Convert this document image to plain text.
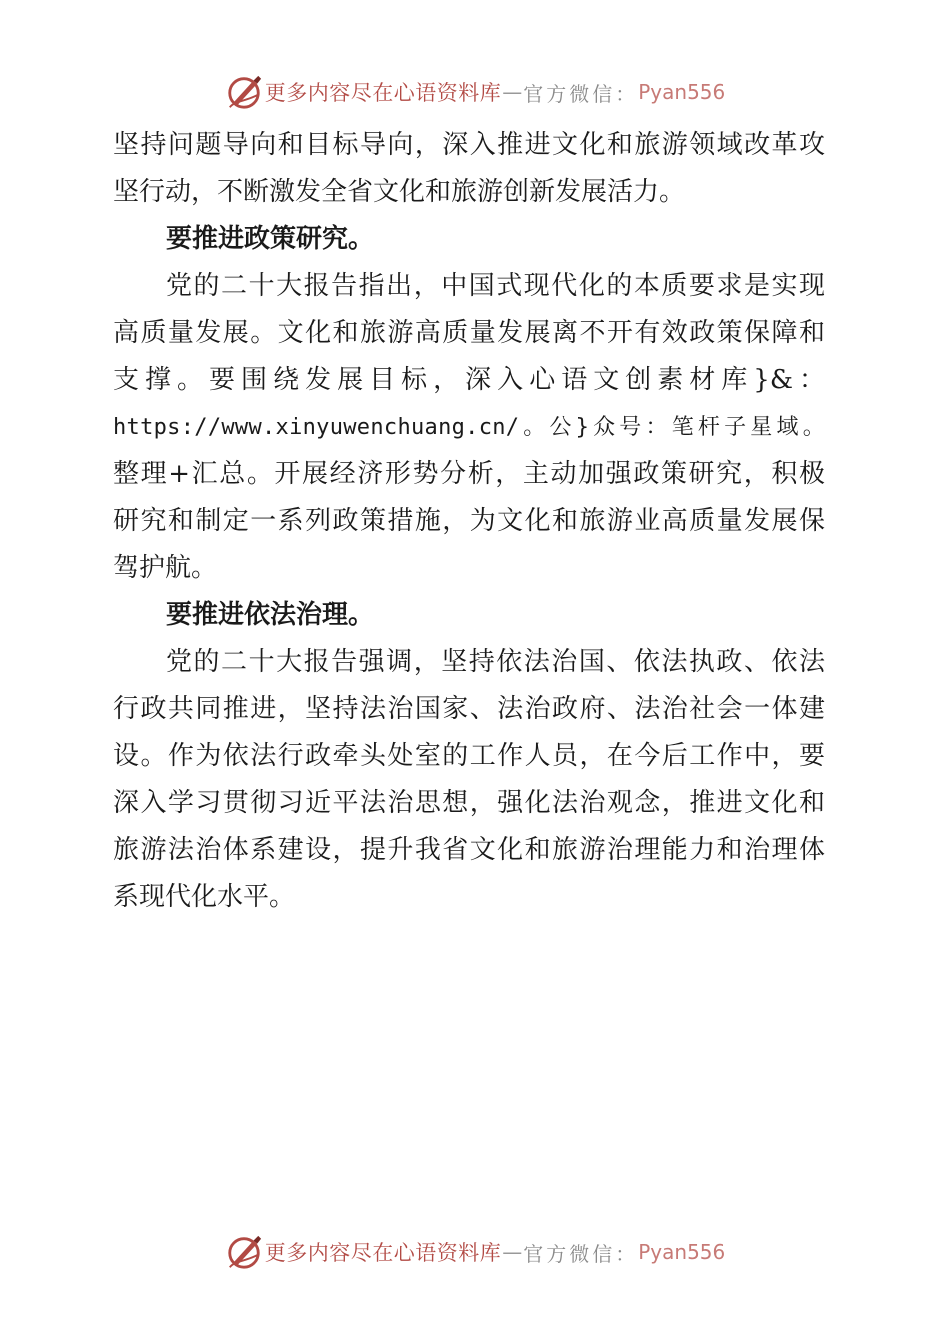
更多内容尽在心语资料库 — 官方微信： Pyan556
坚持问题导向和目标导向，深入推进文化和旅游领域改革攻
坚行动，不断激发全省文化和旅游创新发展活力。
要推进政策研究。
党的二十大报告指出，中国式现代化的本质要求是实现
高质量发展。文化和旅游高质量发展离不开有效政策保障和
支撑。要围绕发展目标，深入心语文创素材库}&：
https://www.xinyuwenchuang.cn/。公}众号：笔杆子星域。
整理+汇总。开展经济形势分析，主动加强政策研究，积极
研究和制定一系列政策措施，为文化和旅游业高质量发展保
驾护航。
要推进依法治理。
党的二十大报告强调，坚持依法治国、依法执政、依法
行政共同推进，坚持法治国家、法治政府、法治社会一体建
设。作为依法行政牵头处室的工作人员，在今后工作中，要
深入学习贯彻习近平法治思想，强化法治观念，推进文化和
旅游法治体系建设，提升我省文化和旅游治理能力和治理体
系现代化水平。
更多内容尽在心语资料库 — 官方微信： Pyan556
